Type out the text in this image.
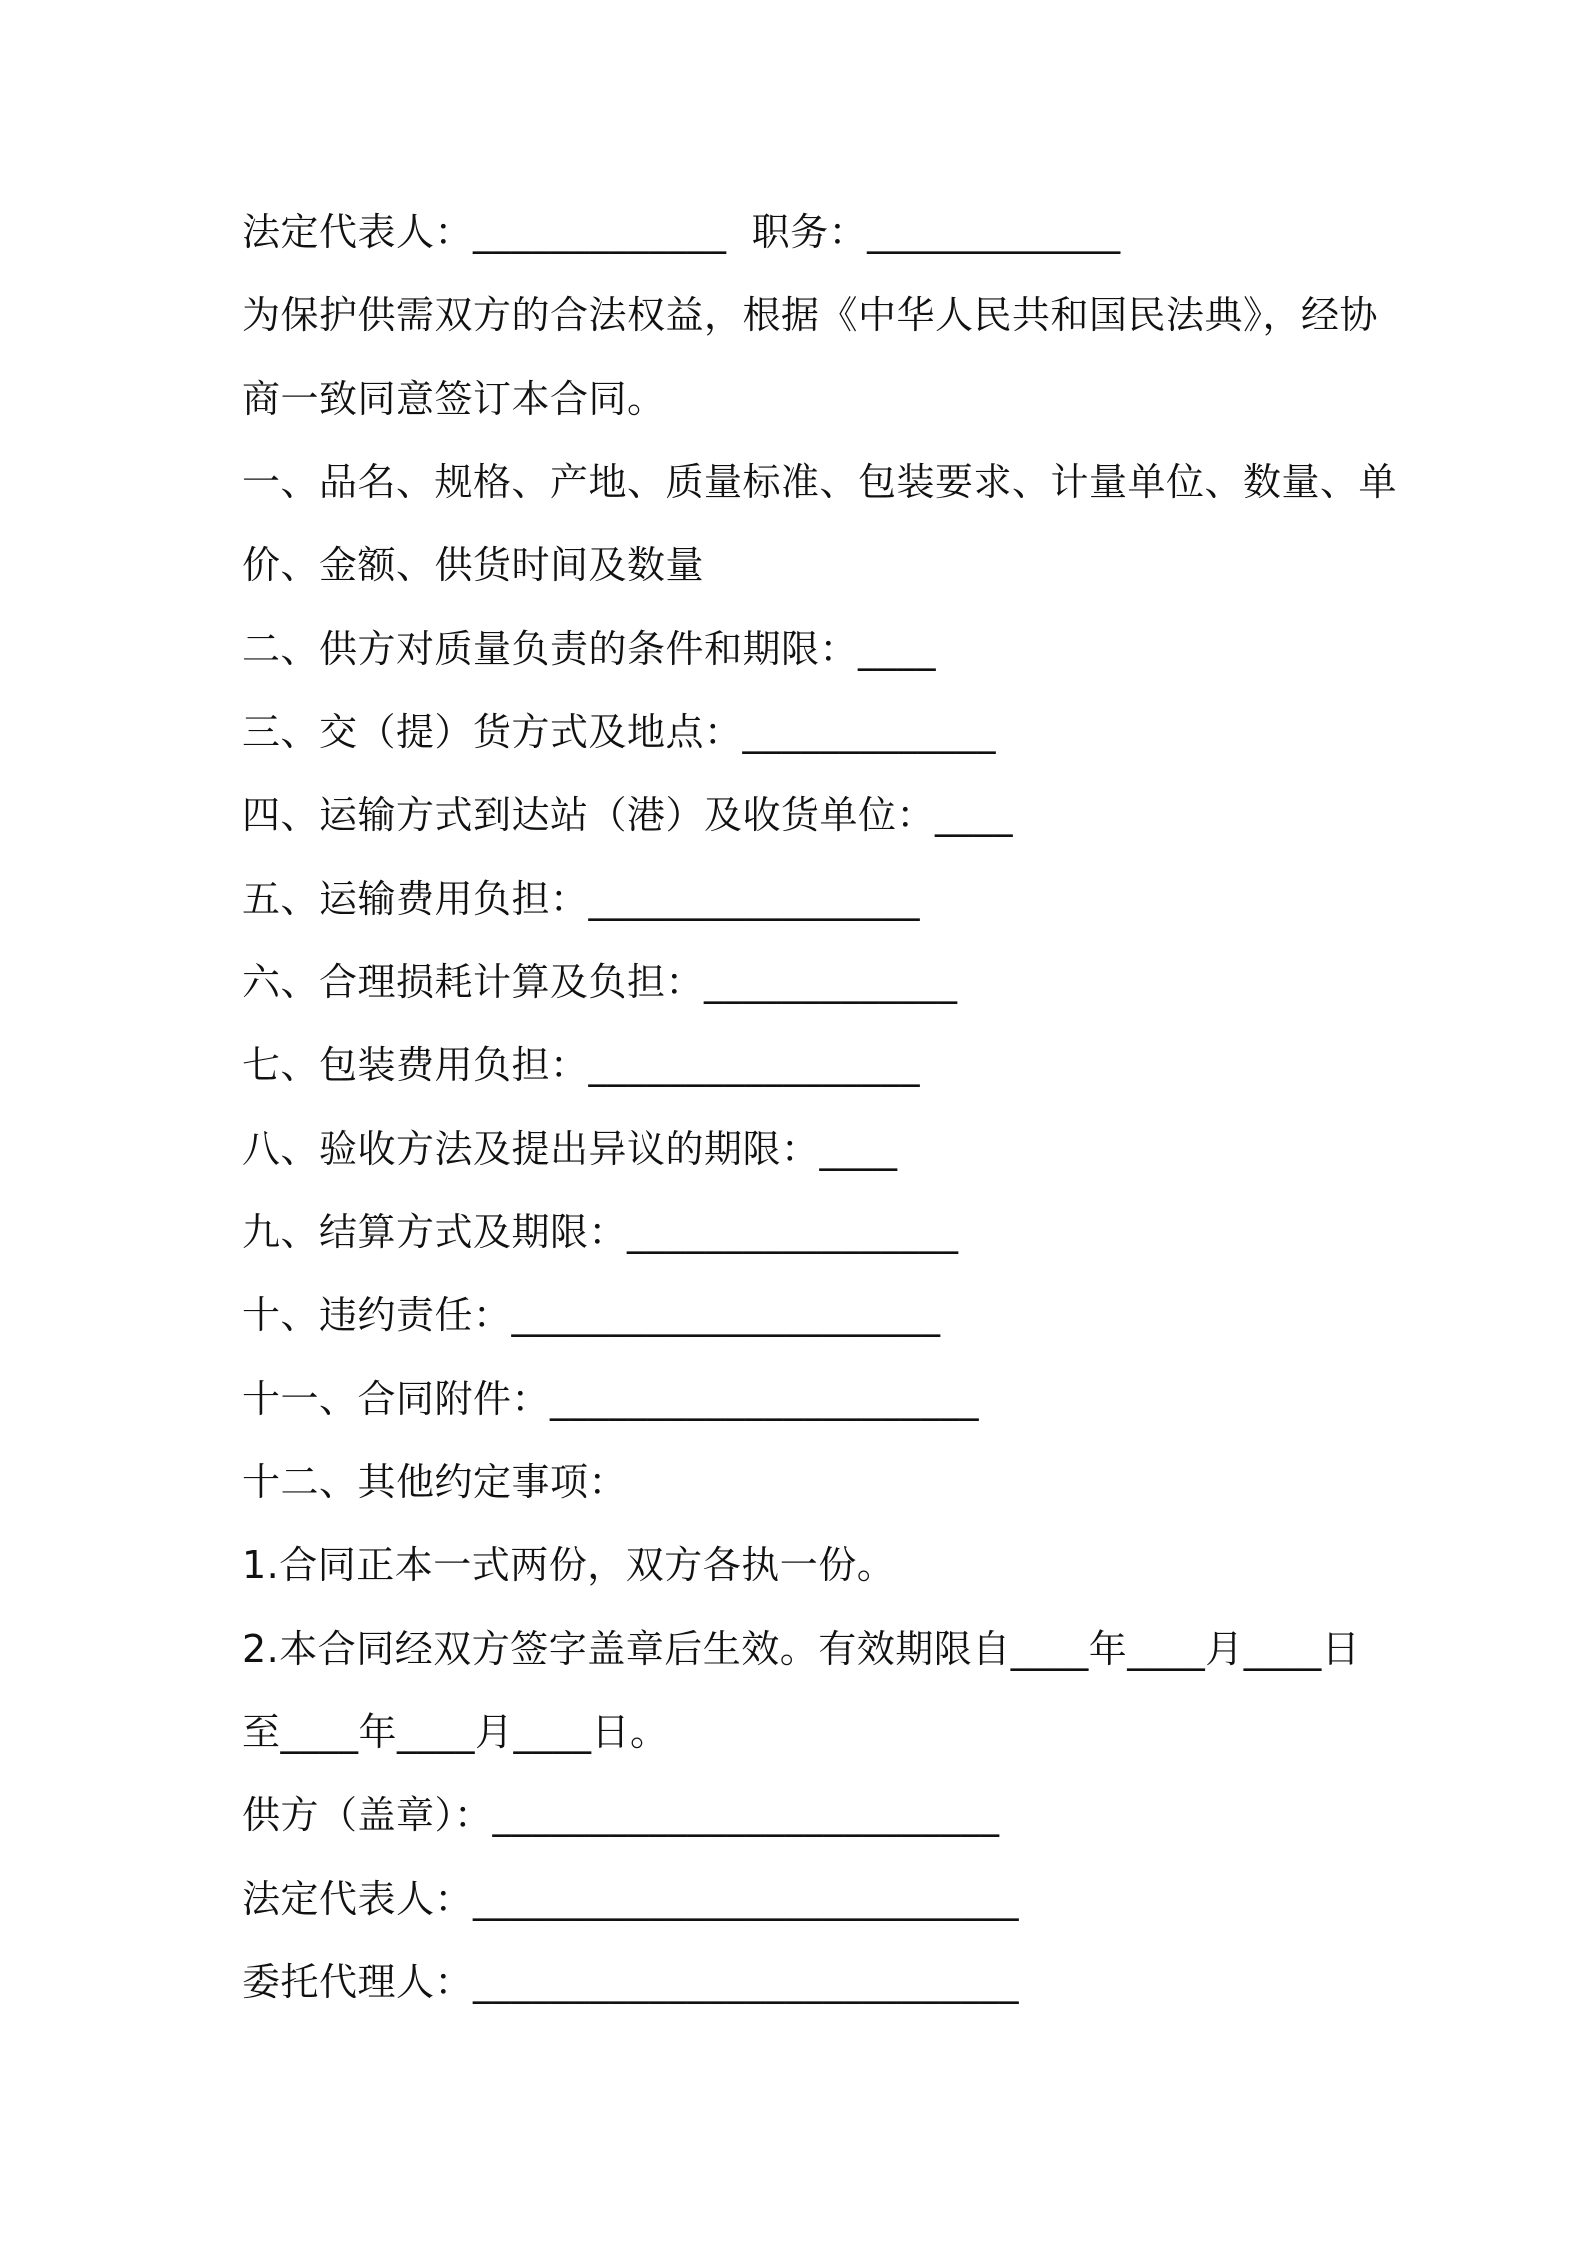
法定代表人：_____________  职务：_____________
为保护供需双方的合法权益，根据《中华人民共和国民法典》，经协
商一致同意签订本合同。
一、品名、规格、产地、质量标准、包装要求、计量单位、数量、单
价、金额、供货时间及数量
二、供方对质量负责的条件和期限：____
三、交（提）货方式及地点：_____________
四、运输方式到达站（港）及收货单位：____
五、运输费用负担：_________________
六、合理损耗计算及负担：_____________
七、包装费用负担：_________________
八、验收方法及提出异议的期限：____
九、结算方式及期限：_________________
十、违约责任：______________________
十一、合同附件：______________________
十二、其他约定事项：
1.合同正本一式两份，双方各执一份。
2.本合同经双方签字盖章后生效。有效期限自____年____月____日
至____年____月____日。
供方（盖章）：__________________________
法定代表人：____________________________
委托代理人：____________________________
